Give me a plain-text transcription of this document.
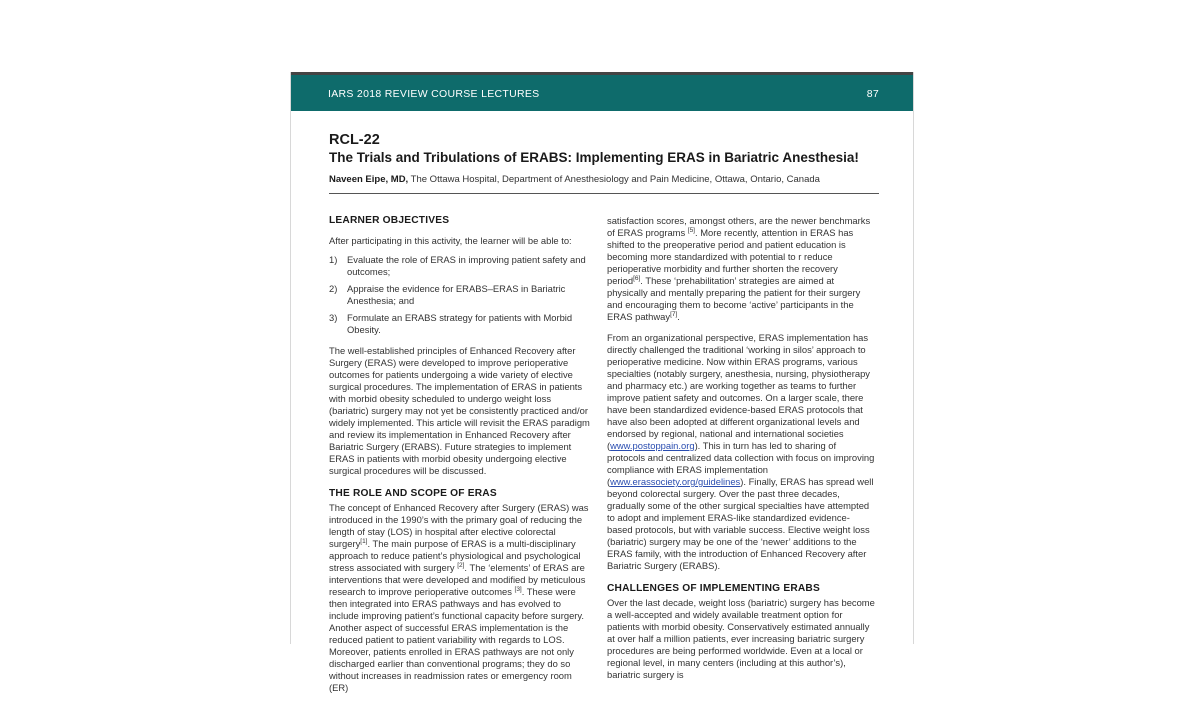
IARS 2018 REVIEW COURSE LECTURES	87
RCL-22
The Trials and Tribulations of ERABS: Implementing ERAS in Bariatric Anesthesia!
Naveen Eipe, MD, The Ottawa Hospital, Department of Anesthesiology and Pain Medicine, Ottawa, Ontario, Canada
LEARNER OBJECTIVES

After participating in this activity, the learner will be able to:

1)	Evaluate the role of ERAS in improving patient safety and outcomes;
2)	Appraise the evidence for ERABS–ERAS in Bariatric Anesthesia; and
3)	Formulate an ERABS strategy for patients with Morbid Obesity.

The well-established principles of Enhanced Recovery after Surgery (ERAS) were developed to improve perioperative outcomes for patients undergoing a wide variety of elective surgical procedures. The implementation of ERAS in patients with morbid obesity scheduled to undergo weight loss (bariatric) surgery may not yet be consistently practiced and/or widely implemented. This article will revisit the ERAS paradigm and review its implementation in Enhanced Recovery after Bariatric Surgery (ERABS). Future strategies to implement ERAS in patients with morbid obesity undergoing elective surgical procedures will be discussed.

THE ROLE AND SCOPE OF ERAS

The concept of Enhanced Recovery after Surgery (ERAS) was introduced in the 1990’s with the primary goal of reducing the length of stay (LOS) in hospital after elective colorectal surgery[1]. The main purpose of ERAS is a multi-disciplinary approach to reduce patient’s physiological and psychological stress associated with surgery [2]. The ‘elements’ of ERAS are interventions that were developed and modified by meticulous research to improve perioperative outcomes [3]. These were then integrated into ERAS pathways and has evolved to include improving patient’s functional capacity before surgery. Another aspect of successful ERAS implementation is the reduced patient to patient variability with regards to LOS. Moreover, patients enrolled in ERAS pathways are not only discharged earlier than conventional programs; they do so without increases in readmission rates or emergency room (ER)

satisfaction scores, amongst others, are the newer benchmarks of ERAS programs [5]. More recently, attention in ERAS has shifted to the preoperative period and patient education is becoming more standardized with potential to r reduce perioperative morbidity and further shorten the recovery period[6]. These ‘prehabilitation’ strategies are aimed at physically and mentally preparing the patient for their surgery and encouraging them to become ‘active’ participants in the ERAS pathway[7].

From an organizational perspective, ERAS implementation has directly challenged the traditional ‘working in silos’ approach to perioperative medicine. Now within ERAS programs, various specialties (notably surgery, anesthesia, nursing, physiotherapy and pharmacy etc.) are working together as teams to further improve patient safety and outcomes. On a larger scale, there have been standardized evidence-based ERAS protocols that have also been adopted at different organizational levels and endorsed by regional, national and international societies (www.postoppain.org). This in turn has led to sharing of protocols and centralized data collection with focus on improving compliance with ERAS implementation (www.erassociety.org/guidelines). Finally, ERAS has spread well beyond colorectal surgery. Over the past three decades, gradually some of the other surgical specialties have attempted to adopt and implement ERAS-like standardized evidence-based protocols, but with variable success. Elective weight loss (bariatric) surgery may be one of the ‘newer’ additions to the ERAS family, with the introduction of Enhanced Recovery after Bariatric Surgery (ERABS).

CHALLENGES OF IMPLEMENTING ERABS

Over the last decade, weight loss (bariatric) surgery has become a well-accepted and widely available treatment option for patients with morbid obesity. Conservatively estimated annually at over half a million patients, ever increasing bariatric surgery procedures are being performed worldwide. Even at a local or regional level, in many centers (including at this author’s), bariatric surgery is
